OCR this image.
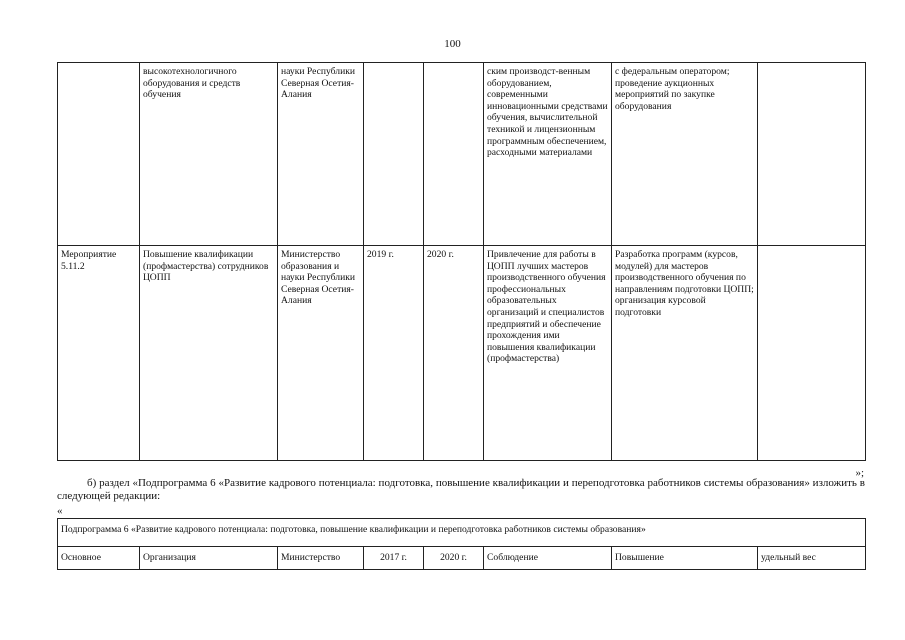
100
	высокотехнологичного оборудования и средств обучения	науки Республики Северная Осетия-Алания			ским производст-венным оборудованием, современными инновационными средствами обучения, вычислительной техникой и лицензионным программным обеспечением, расходными материалами	с федеральным оператором; проведение аукционных мероприятий по закупке оборудования	
Мероприятие 5.11.2	Повышение квалификации (профмастерства) сотрудников ЦОПП	Министерство образования и науки Республики Северная Осетия-Алания	2019 г.	2020 г.	Привлечение для работы в ЦОПП лучших мастеров производственного обучения профессиональных образовательных организаций и специалистов предприятий и обеспечение прохождения ими повышения квалификации (профмастерства)	Разработка программ (курсов, модулей) для мастеров производственного обучения по направлениям подготовки ЦОПП; организация курсовой подготовки	
»;
б) раздел «Подпрограмма 6 «Развитие кадрового потенциала: подготовка, повышение квалификации и переподготовка работников системы образования» изложить в следующей редакции:
«
Подпрограмма 6 «Развитие кадрового потенциала: подготовка, повышение квалификации и переподготовка работников системы образования»
Основное	Организация	Министерство	2017 г.	2020 г.	Соблюдение	Повышение	удельный вес
